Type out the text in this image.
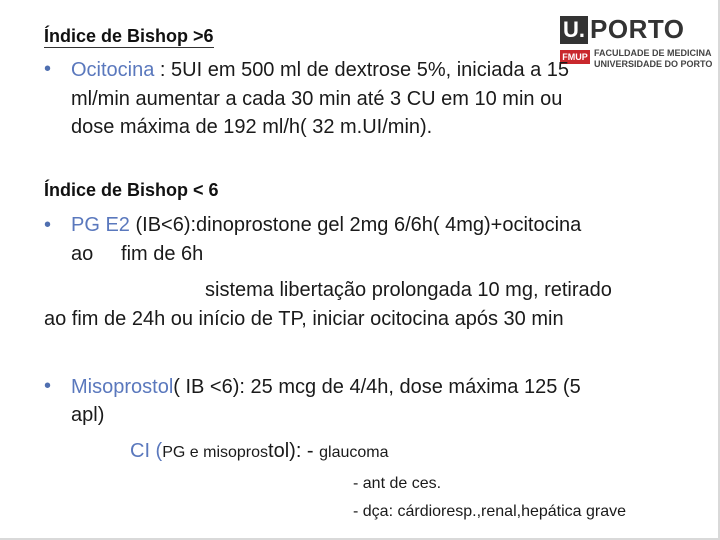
U. PORTO
FMUP FACULDADE DE MEDICINA
UNIVERSIDADE DO PORTO
Índice de Bishop >6
• Ocitocina : 5UI em 500 ml de dextrose 5%, iniciada a 15
ml/min aumentar a cada 30 min até 3 CU em 10 min ou
dose máxima de 192 ml/h( 32 m.UI/min).
Índice de Bishop < 6
• PG E2 (IB<6):dinoprostone gel 2mg 6/6h( 4mg)+ocitocina
ao     fim de 6h
sistema libertação prolongada 10 mg, retirado
ao fim de 24h ou início de TP, iniciar ocitocina após 30 min
• Misoprostol( IB <6): 25 mcg de 4/4h, dose máxima 125 (5
apl)
CI (PG e misoprostol): - glaucoma
- ant de ces.
- dça: cárdioresp.,renal,hepática grave
